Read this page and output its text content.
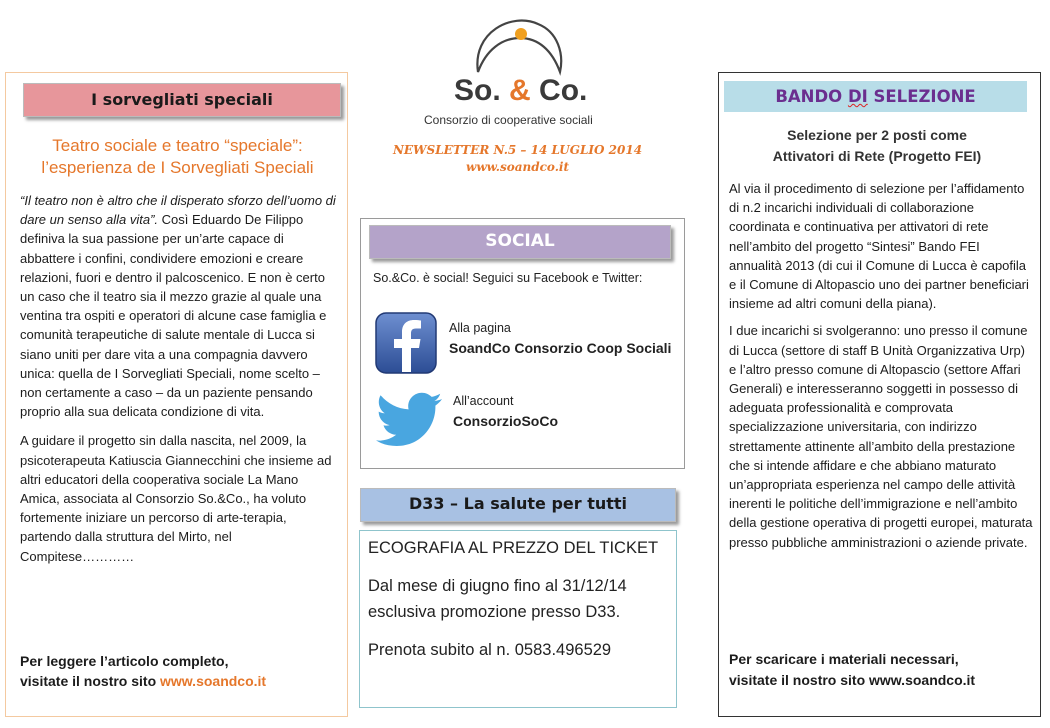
So. & Co.
Consorzio di cooperative sociali
NEWSLETTER N.5 – 14 LUGLIO 2014
www.soandco.it
I sorvegliati speciali
Teatro sociale e teatro “speciale”:
l’esperienza de I Sorvegliati Speciali

“Il teatro non è altro che il disperato sforzo dell’uomo di dare un senso alla vita”. Così Eduardo De Filippo definiva la sua passione per un’arte capace di abbattere i confini, condividere emozioni e creare relazioni, fuori e dentro il palcoscenico. E non è certo un caso che il teatro sia il mezzo grazie al quale una ventina tra ospiti e operatori di alcune case famiglia e comunità terapeutiche di salute mentale di Lucca si siano uniti per dare vita a una compagnia davvero unica: quella de I Sorvegliati Speciali, nome scelto – non certamente a caso – da un paziente pensando proprio alla sua delicata condizione di vita.

A guidare il progetto sin dalla nascita, nel 2009, la psicoterapeuta Katiuscia Giannecchini che insieme ad altri educatori della cooperativa sociale La Mano Amica, associata al Consorzio So.&Co., ha voluto fortemente iniziare un percorso di arte-terapia, partendo dalla struttura del Mirto, nel Compitese…………

Per leggere l’articolo completo,
visitate il nostro sito www.soandco.it
SOCIAL
So.&Co. è social! Seguici su Facebook e Twitter:
Alla pagina
SoandCo Consorzio Coop Sociali
All’account
ConsorzioSoCo
D33 – La salute per tutti
ECOGRAFIA AL PREZZO DEL TICKET
Dal mese di giugno fino al 31/12/14 esclusiva promozione presso D33.
Prenota subito al n. 0583.496529
BANDO DI SELEZIONE
Selezione per 2 posti come
Attivatori di Rete (Progetto FEI)

Al via il procedimento di selezione per l’affidamento di n.2 incarichi individuali di collaborazione coordinata e continuativa per attivatori di rete nell’ambito del progetto “Sintesi” Bando FEI annualità 2013 (di cui il Comune di Lucca è capofila e il Comune di Altopascio uno dei partner beneficiari insieme ad altri comuni della piana).

I due incarichi si svolgeranno: uno presso il comune di Lucca (settore di staff B Unità Organizzativa Urp) e l’altro presso comune di Altopascio (settore Affari Generali) e interesseranno soggetti in possesso di adeguata professionalità e comprovata specializzazione universitaria, con indirizzo strettamente attinente all’ambito della prestazione che si intende affidare e che abbiano maturato un’appropriata esperienza nel campo delle attività inerenti le politiche dell’immigrazione e nell’ambito della gestione operativa di progetti europei, maturata presso pubbliche amministrazioni o aziende private.

Per scaricare i materiali necessari,
visitate il nostro sito www.soandco.it
